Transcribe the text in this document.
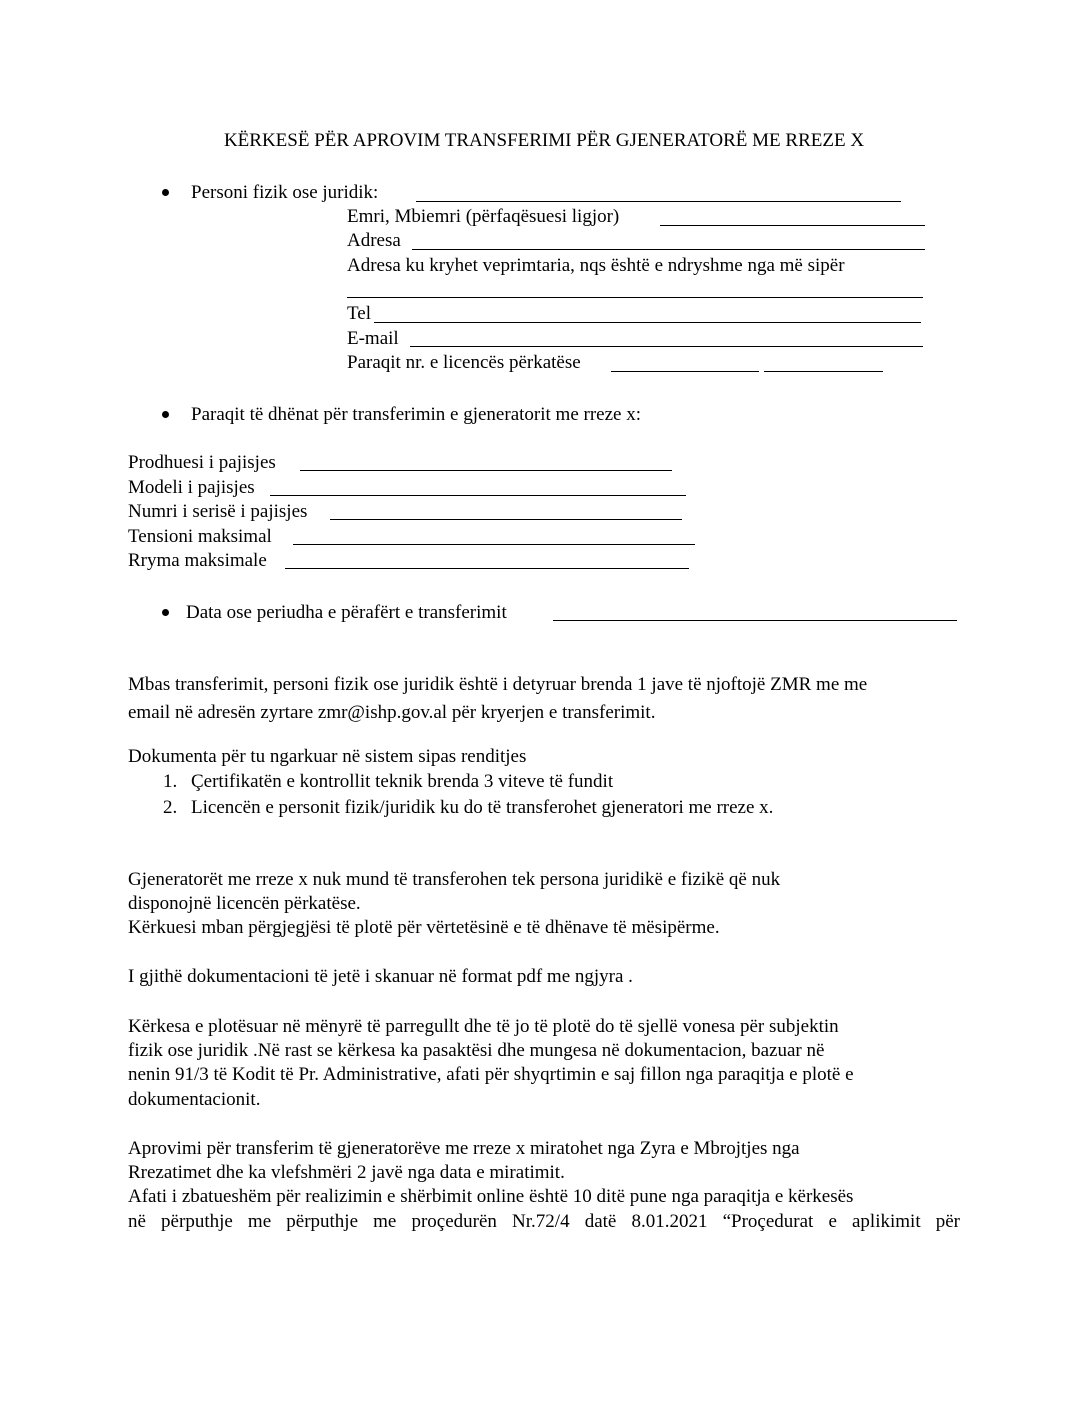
KËRKESË PËR APROVIM TRANSFERIMI PËR GJENERATORË ME RREZE X
Personi fizik ose juridik:
Emri, Mbiemri (përfaqësuesi ligjor)
Adresa
Adresa ku kryhet veprimtaria, nqs është e ndryshme nga më sipër
Tel
E-mail
Paraqit nr. e licencës përkatëse
Paraqit të dhënat për transferimin e gjeneratorit me rreze x:
Prodhuesi i pajisjes
Modeli i pajisjes
Numri i serisë i pajisjes
Tensioni maksimal
Rryma maksimale
Data ose periudha e përafërt e transferimit
Mbas transferimit, personi fizik ose juridik është i detyruar brenda 1 jave të njoftojë ZMR me me
email në adresën zyrtare zmr@ishp.gov.al për kryerjen e transferimit.
Dokumenta për tu ngarkuar në sistem sipas renditjes
1. Çertifikatën e kontrollit teknik brenda 3 viteve të fundit
2. Licencën e personit fizik/juridik ku do të transferohet gjeneratori me rreze x.
Gjeneratorët me rreze x nuk mund të transferohen tek persona juridikë e fizikë që nuk
disponojnë licencën përkatëse.
Kërkuesi mban përgjegjësi të plotë për vërtetësinë e të dhënave të mësipërme.
I gjithë dokumentacioni të jetë i skanuar në format pdf me ngjyra .
Kërkesa e plotësuar në mënyrë të parregullt dhe të jo të plotë do të sjellë vonesa për subjektin
fizik ose juridik .Në rast se kërkesa ka pasaktësi dhe mungesa në dokumentacion, bazuar në
nenin 91/3 të Kodit të Pr. Administrative, afati për shyqrtimin e saj fillon nga paraqitja e plotë e
dokumentacionit.
Aprovimi për transferim të gjeneratorëve me rreze x miratohet nga Zyra e Mbrojtjes nga
Rrezatimet dhe ka vlefshmëri 2 javë nga data e miratimit.
Afati i zbatueshëm për realizimin e shërbimit online është 10 ditë pune nga paraqitja e kërkesës
në përputhje me përputhje me proçedurën Nr.72/4 datë 8.01.2021 “Proçedurat e aplikimit për
